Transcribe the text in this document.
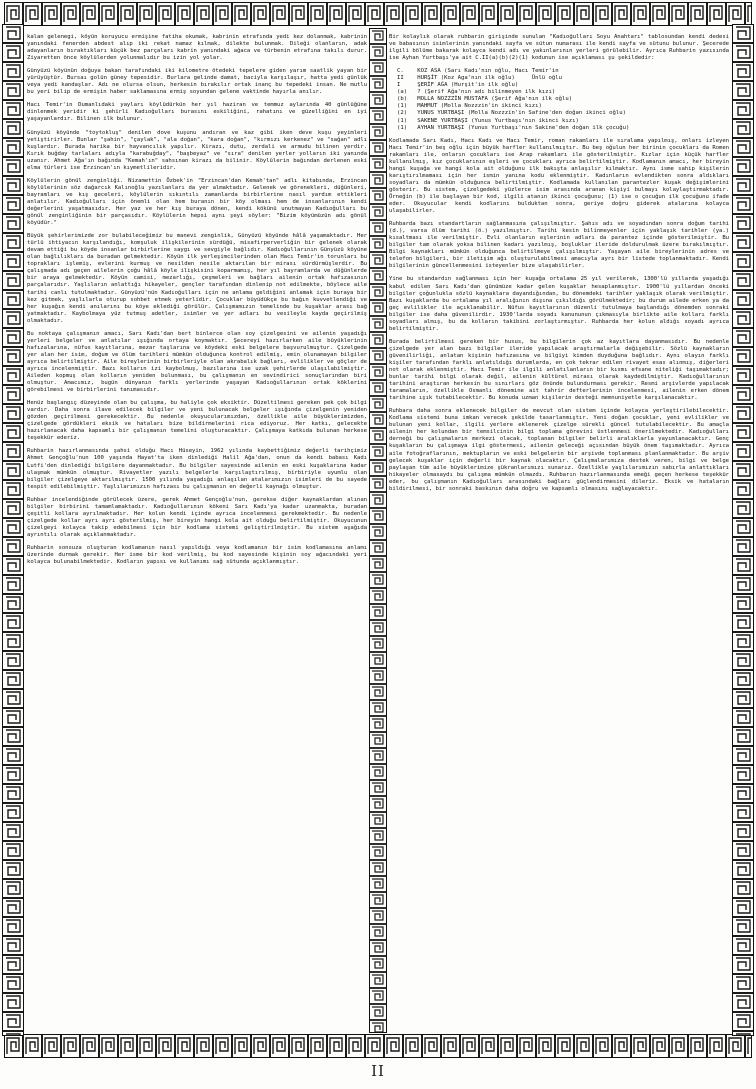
kalan gelenegi, köyün koruyucu ermişine fatiha okumak, kabrinin etrafında yedi kez dolanmak, kabrinin yanındaki fenerden abdest alıp iki rekat namaz kılmak, dilekte bulunmak. Dileği olanların, adak adayanların bıraktıkları küçük bez parçaları kabrin yanındaki ağaca ve türbenin etrafına takılı durur. Ziyaretten önce köylülerden yolunmalıdır bu izin yol yolar.

Günyüzü köyünün doğuya bakan tarafındaki iki kilometre ötedeki tepelere giden yarım saatlik yayan bir yürüyüştür. Bursaı golün güney tepesidir. Burlara gelinde damat, baciyla karşılaşır, hatta yedi günlük veya yedi kandaşlar. Adı ne olursa olsun, herkesin bırakılır ortak inanç bu tepedeki insan. Ne mutlu bu yeri bilip de ermişin haber saklamasına ermiş soyundan gelene vaktinde hayırla anılır.

Hacı Temir'in Dumanlıdaki yayları köylüdürkün her yıl haziran ve temmuz aylarında 40 günlüğüne dinlenmek yeridir ki şehirli Kadıoğulları burasını eskiliğini, rahatını ve güzelliğini en iyi yaşayanlardır. Bilinen ilk bulunur.

Günyüzü köyünde "toytokluş" denilen dove kuşunu andıran ve kaz gibi iken deve kuşu yeyimleri yetiştirirler. Bunlar "şahin", "çaylak", "ala doğan", "kara doğan", "kırmızı kerkenez" ve "sağan" adlı kuşlardır. Burada harika bir hayvancılık yapılır. Kirazı, dutu, zerdali ve armudu bilinen yerdir. Kırık buğday tarlaları adıyla "karabuğday", "başbeyaz" ve "sıra" denilen yerler yolların iki yanında uzanır. Ahmet Ağa'ın bağında "Kemah'ın" sahsınan kirazı da bilinir. Köylülerin bağından derlenen eski elma türleri ise Erzincan'ın kıymetlileridir.

Köylülerin gönül zenginliği. Nizamettin Özbek'in "Erzincan'dan Kemah'tan" adlı kitabında, Erzincan köylülerinin söz dağarcık Kalınoğlu yazılanları da yer almaktadır. Gelenek ve görenekleri, düğünleri, bayramları ve kış geceleri, köylülerin sıkıntılı zamanlarda birbirlerine nasıl yardım ettikleri anlatılır. Kadıoğulları için önemli olan hem buranın bir köy olması hem de insanlarının kendi değerlerini yaşatmasıdır. Her yaz ve her kış buraya dönen, kendi kökünü unutmayan Kadıoğulları bu gönül zenginliğinin bir parçasıdır. Köylülerin hepsi aynı şeyi söyler: "Bizim köyümüzün adı gönül köyüdür."

Büyük şehirlerimizde zor bulabileceğimiz bu manevi zenginlik, Günyüzü köyünde hâlâ yaşamaktadır. Her türlü ihtiyacın karşılandığı, komşuluk ilişkilerinin sürdüğü, misafirperverliğin bir gelenek olarak devam ettiği bu köyde insanlar birbirlerine saygı ve sevgiyle bağlıdır. Kadıoğullarının Günyüzü köyüne olan bağlılıkları da buradan gelmektedir. Köyün ilk yerleşimcilerinden olan Hacı Temir'in torunları bu toprakları işlemiş, evlerini kurmuş ve nesilden nesile aktarılan bir mirası sürdürmüşlerdir. Bu çalışmada adı geçen ailelerin çoğu hâlâ köyle ilişkisini koparmamış, her yıl bayramlarda ve düğünlerde bir araya gelmektedir. Köyün camisi, mezarlığı, çeşmeleri ve bağları ailenin ortak hafızasının parçalarıdır. Yaşlıların anlattığı hikayeler, gençler tarafından dinlenip not edilmekte, böylece aile tarihi canlı tutulmaktadır. Günyüzü'nün Kadıoğulları için ne anlama geldiğini anlamak için buraya bir kez gitmek, yaşlılarla oturup sohbet etmek yeterlidir. Çocuklar büyüdükçe bu bağın kuvvetlendiği ve her kuşağın kendi anılarını bu köye eklediği görülür. Çalışmamızın temelinde bu kuşaklar arası bağ yatmaktadır. Kaybolmaya yüz tutmuş adetler, isimler ve yer adları bu vesileyle kayda geçirilmiş olmaktadır.

Bu noktaya çalışmanın amacı, Sarı Kadı'dan bert binlerce olan soy çizelgesini ve ailenin yaşadığı yerleri belgeler ve anlatılar ışığında ortaya koymaktır. Şecereyi hazırlarken aile büyüklerinin hafızalarına, nüfus kayıtlarına, mezar taşlarına ve köydeki eski belgelere başvurulmuştur. Çizelgede yer alan her isim, doğum ve ölüm tarihleri mümkün olduğunca kontrol edilmiş, emin olunamayan bilgiler ayrıca belirtilmiştir. Aile bireylerinin birbirleriyle olan akrabalık bağları, evlilikler ve göçler de ayrıca incelenmiştir. Bazı kolların izi kaybolmuş, bazılarına ise uzak şehirlerde ulaşılabilmiştir. Aileden kopmuş olan kolların yeniden bulunması, bu çalışmanın en sevindirici sonuçlarından biri olmuştur. Amacımız, bugün dünyanın farklı yerlerinde yaşayan Kadıoğullarının ortak köklerini görebilmesi ve birbirlerini tanımasıdır.

Henüz başlangıç düzeyinde olan bu çalışma, bu haliyle çok eksiktir. Düzeltilmesi gereken pek çok bilgi vardır. Daha sonra ilave edilecek bilgiler ve yeni bulunacak belgeler ışığında çizelgenin yeniden gözden geçirilmesi gerekecektir. Bu nedenle okuyucularımızdan, özellikle aile büyüklerimizden, çizelgede gördükleri eksik ve hataları bize bildirmelerini rica ediyoruz. Her katkı, gelecekte hazırlanacak daha kapsamlı bir çalışmanın temelini oluşturacaktır. Çalışmaya katkıda bulunan herkese teşekkür ederiz.

Ruhbarin hazırlanmasında şahsi olduğu Hacı Hüseyin, 1962 yılında kaybettiğimiz değerli tarihçimiz Ahmet Gençoğlu'nun 100 yaşında Hayat'ta iken dinlediği Halil Ağa'dan, onun da kendi babası Kadı Lutfi'den dinlediği bilgilere dayanmaktadır. Bu bilgiler sayesinde ailenin en eski kuşaklarına kadar ulaşmak mümkün olmuştur. Rivayetler yazılı belgelerle karşılaştırılmış, birbiriyle uyumlu olan bilgiler çizelgeye aktarılmıştır. 1500 yılında yaşadığı anlaşılan atalarımızın isimleri de bu sayede tespit edilebilmiştir. Yaşlılarımızın hafızası bu çalışmanın en değerli kaynağı olmuştur.

Ruhbar incelendiğinde görülecek üzere, gerek Ahmet Gençoğlu'nun, gerekse diğer kaynaklardan alınan bilgiler birbirini tamamlamaktadır. Kadıoğullarının kökeni Sarı Kadı'ya kadar uzanmakta, buradan çeşitli kollara ayrılmaktadır. Her kolun kendi içinde ayrıca incelenmesi gerekmektedir. Bu nedenle çizelgede kollar ayrı ayrı gösterilmiş, her bireyin hangi kola ait olduğu belirtilmiştir. Okuyucunun çizelgeyi kolayca takip edebilmesi için bir kodlama sistemi geliştirilmiştir. Bu sistem aşağıda ayrıntılı olarak açıklanmaktadır.

Ruhbarin sonsuza oluşturan kodlamanın nasıl yapıldığı veya kodlamanın bir isim kodlamasına anlamı üzerinde durmak gerekir. Her isme bir kod verilmiş, bu kod sayesinde kişinin soy ağacındaki yeri kolayca bulunabilmektedir. Kodların yapısı ve kullanımı sağ sütunda açıklanmıştır.

Bir kolaylık olarak ruhbarin girişinde sunulan "Kadıoğulları Soyu Anahtarı" tablosundan kendi dedesi ve babasının isimlerinin yanındaki sayfa ve sütun numarası ile kendi sayfa ve sütunu bulunur. Şecerede ilgili bölüme bakarak kolayca kendi adı ve yakınlarının yerleri görülebilir. Ayrıca Ruhbarin yazısında ise Ayhan Yurtbaşı'ya ait C.II(a)(b)(2)(1) kodunun ise açıklaması şu şekildedir:

C.    KOZ ASA (Sarı Kadı'nın oğlu, Hacı Temir'in
II    HURŞİT (Koz Aga'nın ilk oğlu)     Ünlü oğlu
I     ŞERİF AĞA (Hurşit'in ilk oğlu)
(a)   ? (Şerif Ağa'nın adı bilinmeyen ilk kızı)
(b)   MOLLA NOZZZİN MUSTAFA (Şerif Ağa'nın ilk oğlu)
(1)   MAHMUT (Molla Nozzzin'in ikinci kızı)
(2)   YUNUS YURTBAŞI (Molla Nozzzin'in Safine'den doğan ikinci oğlu)
(1)   SAKENE YURTBAŞI (Yunus Yurtbaşı'nın ikinci kızı)
(1)   AYHAN YURTBAŞI (Yunus Yurtbaşı'nın Sakine'den doğan ilk çocuğu)

Kodlamada Sarı Kadı, Hacı Kadı ve Hacı Temir, roman rakamları ile sıralama yapılmış, onları izleyen Hacı Temir'in beş oğlu için büyük harfler kullanılmıştır. Bu beş oğulun her birinin çocukları da Romen rakamları ile, onların çocukları ise Arap rakamları ile gösterilmiştir. Kızlar için küçük harfler kullanılmış, kız çocuklarının eşleri ve çocukları ayrıca belirtilmiştir. Kodlamanın amacı, her bireyin hangi kuşağa ve hangi kola ait olduğunu ilk bakışta anlaşılır kılmaktır. Aynı isme sahip kişilerin karıştırılmaması için her ismin yanına kodu eklenmiştir. Kadınların evlendikten sonra aldıkları soyadları da mümkün olduğunca belirtilmiştir. Kodlamada kullanılan parantezler kuşak değişimlerini gösterir. Bu sistem, çizelgedeki yüzlerce isim arasında aranan kişiyi bulmayı kolaylaştırmaktadır. Örneğin (b) ile başlayan bir kod, ilgili atanın ikinci çocuğunu; (1) ise o çocuğun ilk çocuğunu ifade eder. Okuyucular kendi kodlarını bulduktan sonra, geriye doğru giderek atalarına kolayca ulaşabilirler.

Ruhbarda bazı standartların sağlanmasına çalışılmıştır. Şahıs adı ve soyadından sonra doğum tarihi (d.), varsa ölüm tarihi (ö.) yazılmıştır. Tarihi kesin bilinmeyenler için yaklaşık tarihler (ya.) kısaltması ile verilmiştir. Evli olanların eşlerinin adları da parantez içinde gösterilmiştir. Bu bilgiler tam olarak yoksa bilinen kadarı yazılmış, boşluklar ileride doldurulmak üzere bırakılmıştır. Bilgi kaynakları mümkün olduğunca belirtilmeye çalışılmıştır. Yaşayan aile bireylerinin adres ve telefon bilgileri, bir iletişim ağı oluşturulabilmesi amacıyla ayrı bir listede toplanmaktadır. Kendi bilgilerinin güncellenmesini isteyenler bize ulaşabilirler.

Yine bu standardın sağlanması için her kuşağa ortalama 25 yıl verilerek, 1300'lü yıllarda yaşadığı kabul edilen Sarı Kadı'dan günümüze kadar gelen kuşaklar hesaplanmıştır. 1900'lü yıllardan önceki bilgiler çoğunlukla sözlü kaynaklara dayandığından, bu dönemdeki tarihler yaklaşık olarak verilmiştir. Bazı kuşaklarda bu ortalama yıl aralığının dışına çıkıldığı görülmektedir; bu durum ailede erken ya da geç evlilikler ile açıklanabilir. Nüfus kayıtlarının düzenli tutulmaya başlandığı dönemden sonraki bilgiler ise daha güvenilirdir. 1930'larda soyadı kanununun çıkmasıyla birlikte aile kolları farklı soyadları almış, bu da kolların takibini zorlaştırmıştır. Ruhbarda her kolun aldığı soyadı ayrıca belirtilmiştir.

Burada belirtilmesi gereken bir husus, bu bilgilerin çok az kayıtlara dayanmasıdır. Bu nedenle çizelgede yer alan bazı bilgiler ileride yapılacak araştırmalarla değişebilir. Sözlü kaynakların güvenilirliği, anlatan kişinin hafızasına ve bilgiyi kimden duyduğuna bağlıdır. Aynı olayın farklı kişiler tarafından farklı anlatıldığı durumlarda, en çok tekrar edilen rivayet esas alınmış, diğerleri not olarak eklenmiştir. Hacı Temir ile ilgili anlatılanların bir kısmı efsane niteliği taşımaktadır; bunlar tarihi bilgi olarak değil, ailenin kültürel mirası olarak kaydedilmiştir. Kadıoğullarının tarihini araştıran herkesin bu sınırları göz önünde bulundurması gerekir. Resmi arşivlerde yapılacak taramaların, özellikle Osmanlı dönemine ait tahrir defterlerinin incelenmesi, ailenin erken dönem tarihine ışık tutabilecektir. Bu konuda uzman kişilerin desteği memnuniyetle karşılanacaktır.

Ruhbara daha sonra eklenecek bilgiler de mevcut olan sistem içinde kolayca yerleştirilebilecektir. Kodlama sistemi buna imkan verecek şekilde tasarlanmıştır. Yeni doğan çocuklar, yeni evlilikler ve bulunan yeni kollar, ilgili yerlere eklenerek çizelge sürekli güncel tutulabilecektir. Bu amaçla ailenin her kolundan bir temsilcinin bilgi toplama görevini üstlenmesi önerilmektedir. Kadıoğulları derneği bu çalışmaların merkezi olacak, toplanan bilgiler belirli aralıklarla yayımlanacaktır. Genç kuşakların bu çalışmaya ilgi göstermesi, ailenin geleceği açısından büyük önem taşımaktadır. Ayrıca aile fotoğraflarının, mektupların ve eski belgelerin bir arşivde toplanması planlanmaktadır. Bu arşiv gelecek kuşaklar için değerli bir kaynak olacaktır. Çalışmalarımıza destek veren, bilgi ve belge paylaşan tüm aile büyüklerimize şükranlarımızı sunarız. Özellikle yaşlılarımızın sabırla anlattıkları hikayeler olmasaydı bu çalışma mümkün olmazdı. Ruhbarın hazırlanmasında emeği geçen herkese teşekkür eder, bu çalışmanın Kadıoğulları arasındaki bağları güçlendirmesini dileriz. Eksik ve hataların bildirilmesi, bir sonraki baskının daha doğru ve kapsamlı olmasını sağlayacaktır.

II
